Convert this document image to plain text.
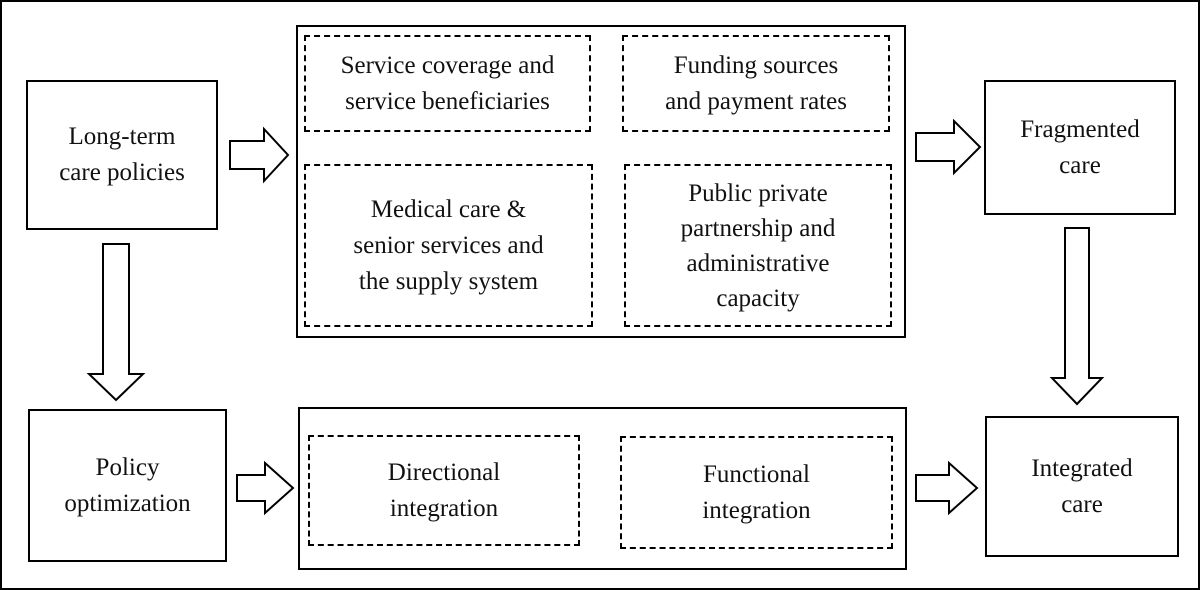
Long-term
care policies
Policy
optimization
Service coverage and
service beneficiaries
Funding sources
and payment rates
Medical care &
senior services and
the supply system
Public private
partnership and
administrative
capacity
Directional
integration
Functional
integration
Fragmented
care
Integrated
care
